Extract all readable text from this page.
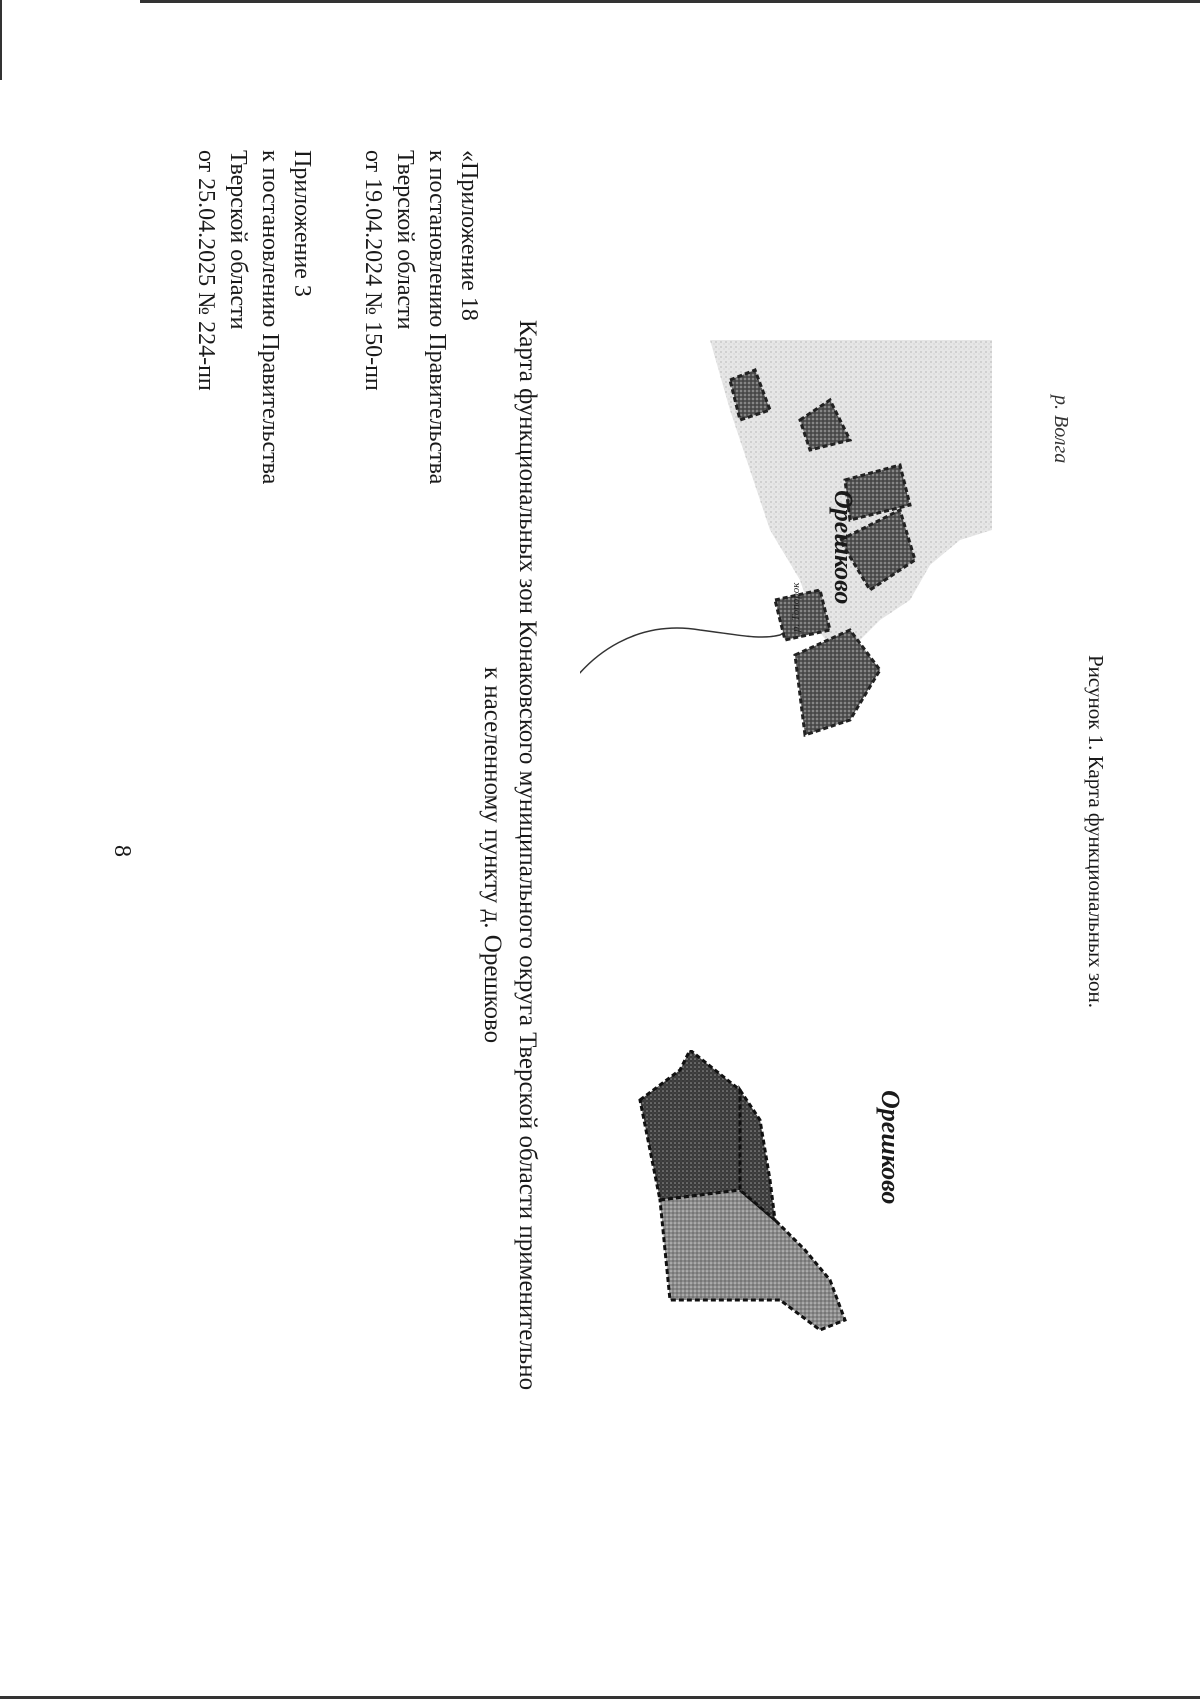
8
Приложение 3
к постановлению Правительства
Тверской области
от 25.04.2025 № 224-пп	«Приложение 18
к постановлению Правительства
Тверской области
от 19.04.2024 № 150-пп
Карта функциональных зон Конаковского муниципального округа Тверской области применительно
к населенному пункту д. Орешково
Орешково
р. Топорок
р. Волга
Орешково
Рисунок 1. Карта функциональных зон.
